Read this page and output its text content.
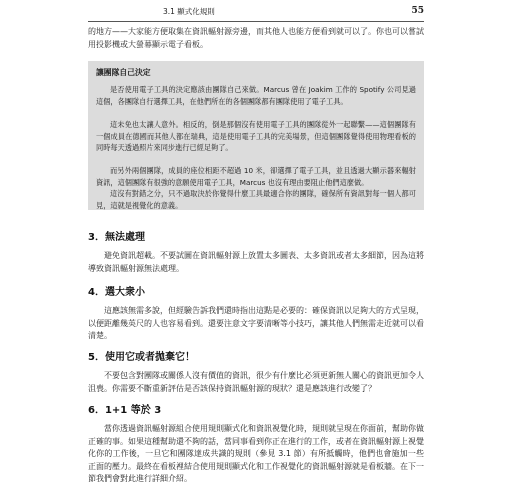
3.1 顯式化規則	55

的地方——大家能方便取集在資訊輻射源旁邊，而其他人也能方便看到就可以了。你也可以嘗試用投影機或大螢幕顯示電子看板。

讓團隊自己決定

是否使用電子工具的決定應該由團隊自己來做。Marcus 曾在 Joakim 工作的 Spotify 公司見過這個，各團隊自行選擇工具，在他們所在的各個團隊都有團隊使用了電子工具。

這未免也太讓人意外。相反的，倒是那個沒有使用電子工具的團隊從外一起聯繫——這個團隊有一個成員在德國而其他人都在瑞典，這是使用電子工具的完美場景，但這個團隊覺得使用物理看板的同時每天透過照片來同步進行已經足夠了。

而另外兩個團隊，成員的座位相距不超過 10 米，卻選擇了電子工具，並且透過大顯示器來輻射資訊，這個團隊有很強的意願使用電子工具，Marcus 也沒有理由要阻止他們這麼做。

這沒有對錯之分，只不過取決於你覺得什麼工具最適合你的團隊，確保所有資訊對每一個人都可見，這就是視覺化的意義。

3．無法處理

避免資訊超載。不要試圖在資訊輻射源上放置太多圖表、太多資訊或者太多細節，因為這將導致資訊輻射源無法處理。

4．選大衆小

這應該無需多說，但經驗告訴我們還時指出這點是必要的：確保資訊以足夠大的方式呈現，以便距離幾英尺的人也容易看到。還要注意文字要清晰等小技巧，讓其他人們無需走近就可以看清楚。

5．使用它或者拋棄它！

不要包含對團隊或關係人沒有價值的資訊，很少有什麼比必須更新無人關心的資訊更加令人沮喪。你需要不斷重新評估是否該保持資訊輻射源的現狀？還是應該進行改變了？

6．1+1 等於 3

當你透過資訊輻射源組合使用規則顯式化和資訊視覺化時，規則就呈現在你面前，幫助你做正確的事。如果這種幫助還不夠的話，當同事看到你正在進行的工作，或者在資訊輻射源上視覺化你的工作後，一旦它和團隊達成共識的規則（參見 3.1 節）有所抵觸時，他們也會施加一些正面的壓力。最終在看板裡結合使用規則顯式化和工作視覺化的資訊輻射源就是看板牆。在下一節我們會對此進行詳細介紹。
